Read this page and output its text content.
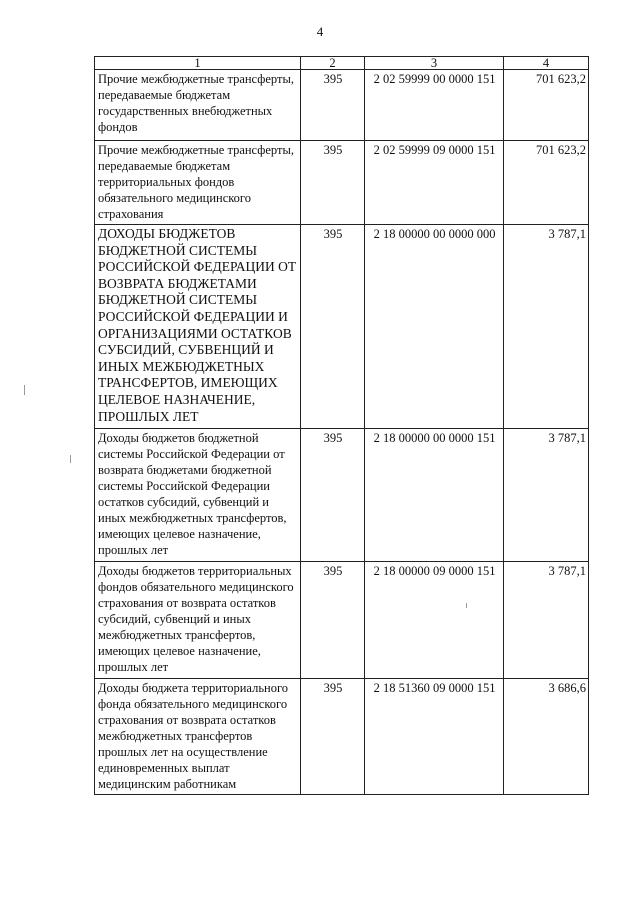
4
1	2	3	4
Прочие межбюджетные трансферты, передаваемые бюджетам государственных внебюджетных фондов	395	2 02 59999 00 0000 151	701 623,2
Прочие межбюджетные трансферты, передаваемые бюджетам территориальных фондов обязательного медицинского страхования	395	2 02 59999 09 0000 151	701 623,2
ДОХОДЫ БЮДЖЕТОВ БЮДЖЕТНОЙ СИСТЕМЫ РОССИЙСКОЙ ФЕДЕРАЦИИ ОТ ВОЗВРАТА БЮДЖЕТАМИ БЮДЖЕТНОЙ СИСТЕМЫ РОССИЙСКОЙ ФЕДЕРАЦИИ И ОРГАНИЗАЦИЯМИ ОСТАТКОВ СУБСИДИЙ, СУБВЕНЦИЙ И ИНЫХ МЕЖБЮДЖЕТНЫХ ТРАНСФЕРТОВ, ИМЕЮЩИХ ЦЕЛЕВОЕ НАЗНАЧЕНИЕ, ПРОШЛЫХ ЛЕТ	395	2 18 00000 00 0000 000	3 787,1
Доходы бюджетов бюджетной системы Российской Федерации от возврата бюджетами бюджетной системы Российской Федерации остатков субсидий, субвенций и иных межбюджетных трансфертов, имеющих целевое назначение, прошлых лет	395	2 18 00000 00 0000 151	3 787,1
Доходы бюджетов территориальных фондов обязательного медицинского страхования от возврата остатков субсидий, субвенций и иных межбюджетных трансфертов, имеющих целевое назначение, прошлых лет	395	2 18 00000 09 0000 151	3 787,1
Доходы бюджета территориального фонда обязательного медицинского страхования от возврата остатков межбюджетных трансфертов прошлых лет на осуществление единовременных выплат медицинским работникам	395	2 18 51360 09 0000 151	3 686,6
